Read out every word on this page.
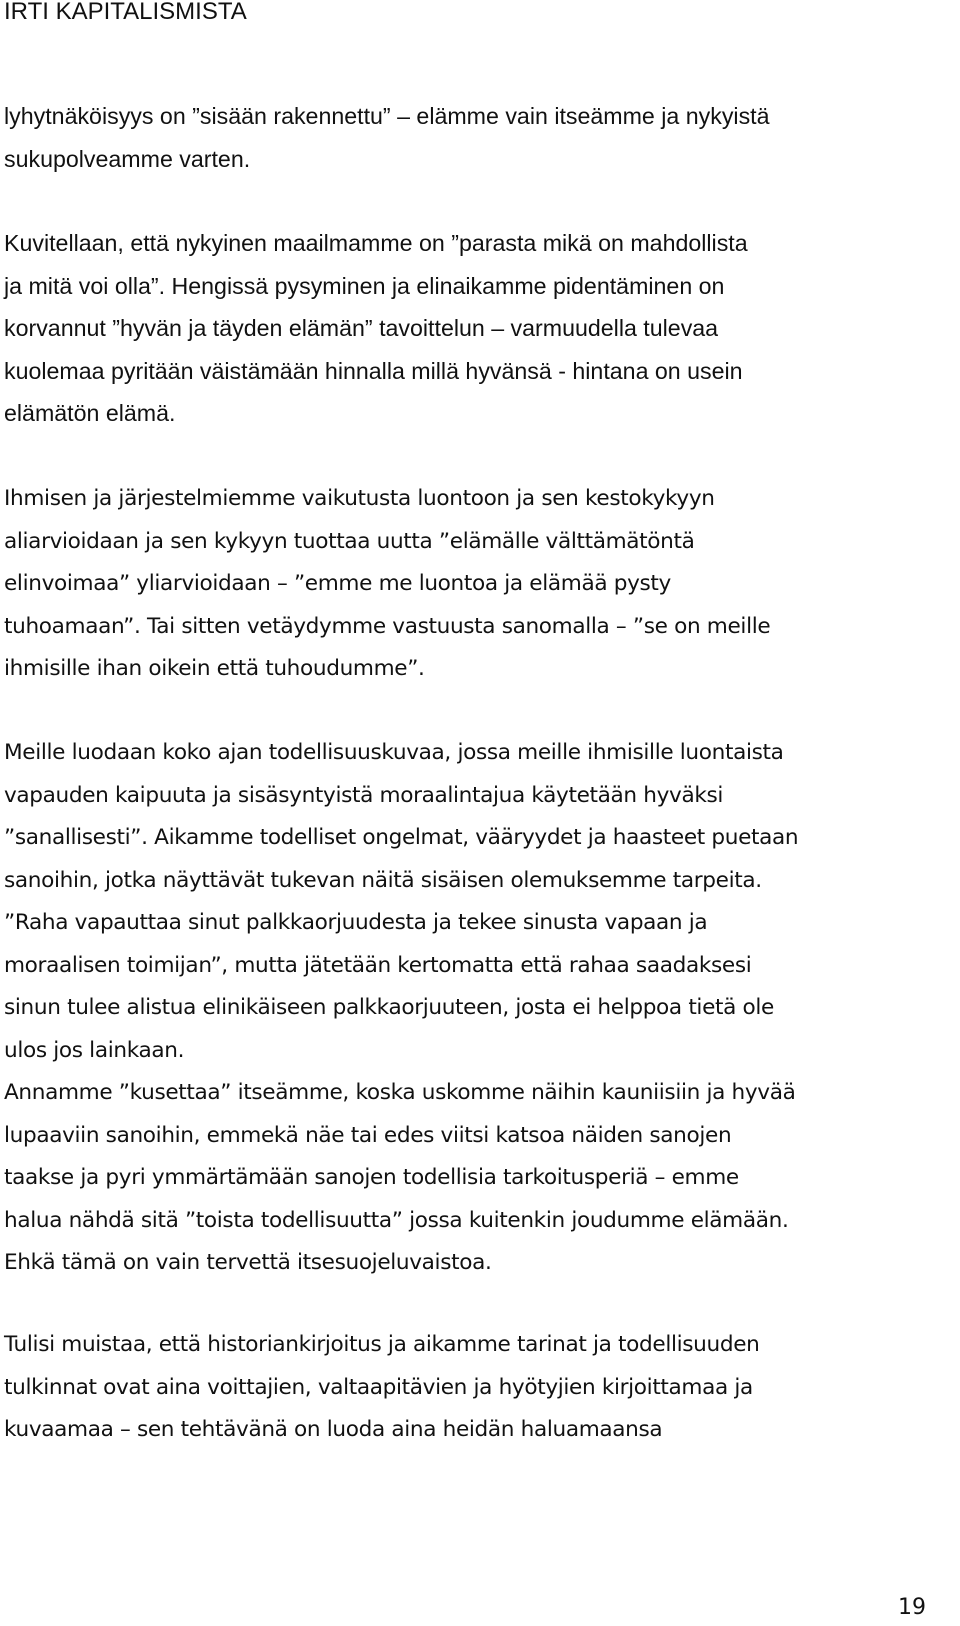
IRTI KAPITALISMISTA

lyhytnäköisyys on ”sisään rakennettu” – elämme vain itseämme ja nykyistä
sukupolveamme varten.

Kuvitellaan, että nykyinen maailmamme on ”parasta mikä on mahdollista
ja mitä voi olla”. Hengissä pysyminen ja elinaikamme pidentäminen on
korvannut ”hyvän ja täyden elämän” tavoittelun – varmuudella tulevaa
kuolemaa pyritään väistämään hinnalla millä hyvänsä - hintana on usein
elämätön elämä.

Ihmisen ja järjestelmiemme vaikutusta luontoon ja sen kestokykyyn
aliarvioidaan ja sen kykyyn tuottaa uutta ”elämälle välttämätöntä
elinvoimaa” yliarvioidaan – ”emme me luontoa ja elämää pysty
tuhoamaan”. Tai sitten vetäydymme vastuusta sanomalla – ”se on meille
ihmisille ihan oikein että tuhoudumme”.

Meille luodaan koko ajan todellisuuskuvaa, jossa meille ihmisille luontaista
vapauden kaipuuta ja sisäsyntyistä moraalintajua käytetään hyväksi
”sanallisesti”. Aikamme todelliset ongelmat, vääryydet ja haasteet puetaan
sanoihin, jotka näyttävät tukevan näitä sisäisen olemuksemme tarpeita.
”Raha vapauttaa sinut palkkaorjuudesta ja tekee sinusta vapaan ja
moraalisen toimijan”, mutta jätetään kertomatta että rahaa saadaksesi
sinun tulee alistua elinikäiseen palkkaorjuuteen, josta ei helppoa tietä ole
ulos jos lainkaan.
Annamme ”kusettaa” itseämme, koska uskomme näihin kauniisiin ja hyvää
lupaaviin sanoihin, emmekä näe tai edes viitsi katsoa näiden sanojen
taakse ja pyri ymmärtämään sanojen todellisia tarkoitusperiä – emme
halua nähdä sitä ”toista todellisuutta” jossa kuitenkin joudumme elämään.
Ehkä tämä on vain tervettä itsesuojeluvaistoa.

Tulisi muistaa, että historiankirjoitus ja aikamme tarinat ja todellisuuden
tulkinnat ovat aina voittajien, valtaapitävien ja hyötyjien kirjoittamaa ja
kuvaamaa – sen tehtävänä on luoda aina heidän haluamaansa

19
